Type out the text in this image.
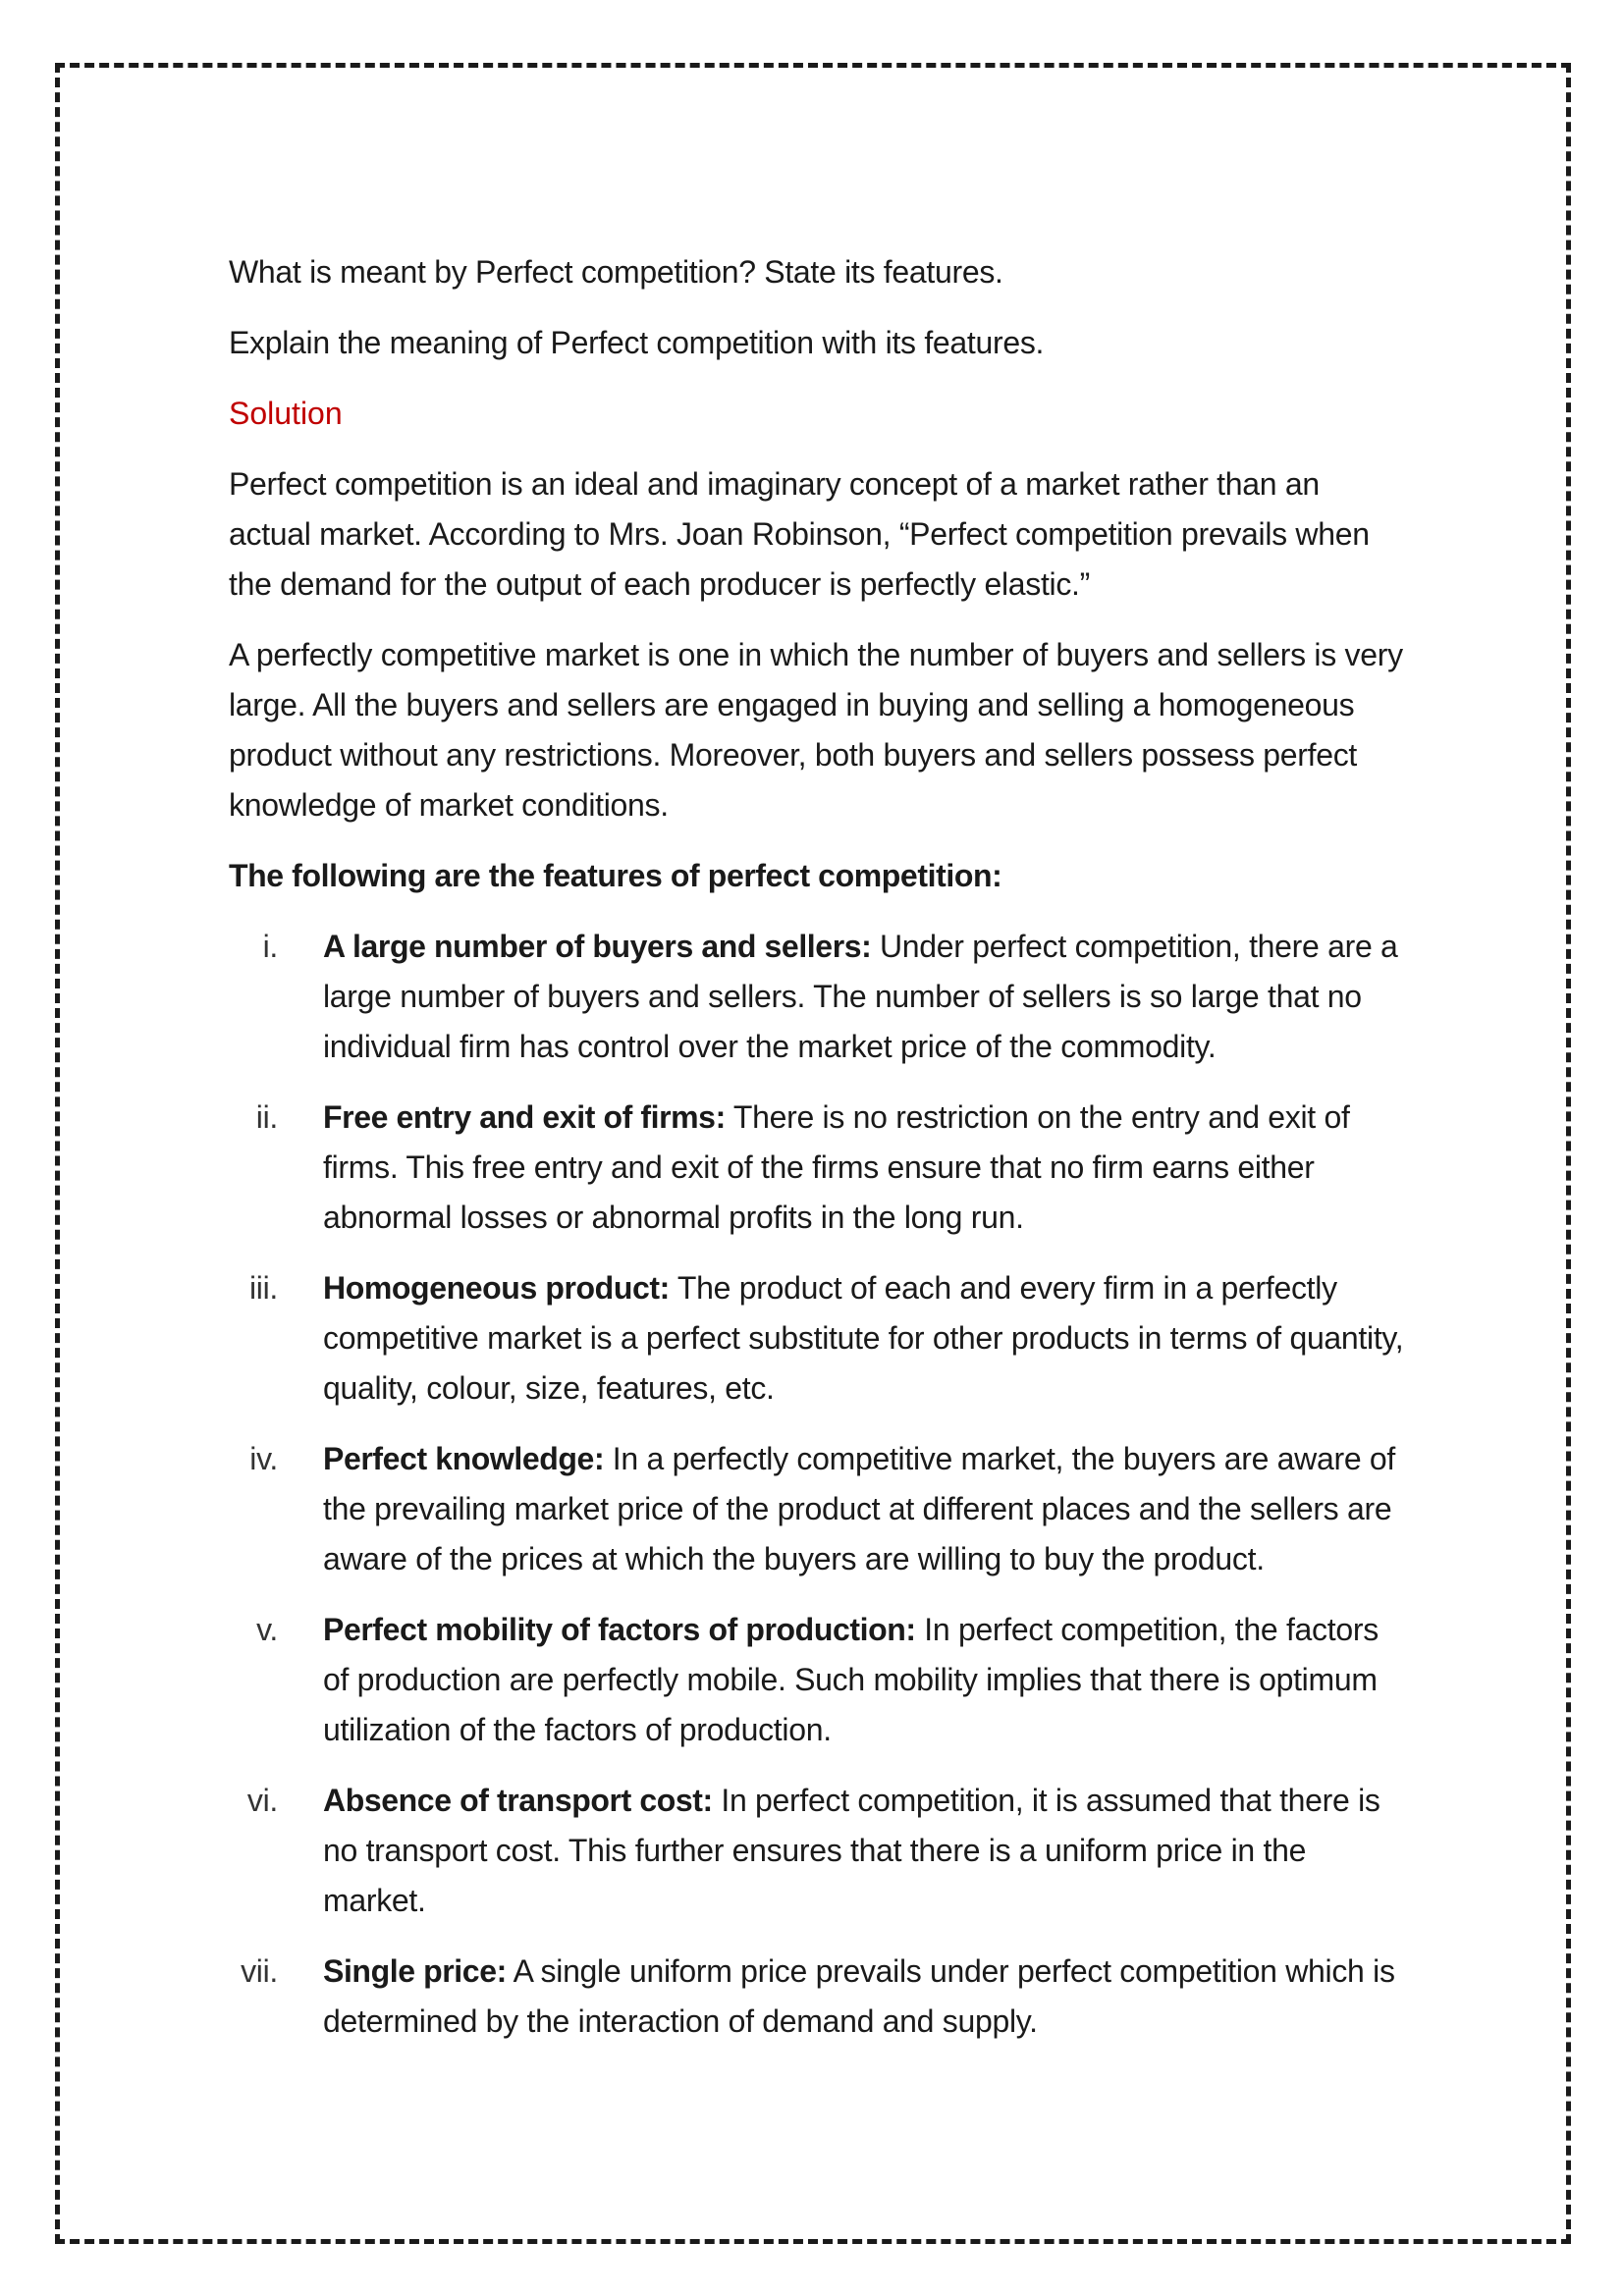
What is meant by Perfect competition? State its features.

Explain the meaning of Perfect competition with its features.

Solution

Perfect competition is an ideal and imaginary concept of a market rather than an actual market. According to Mrs. Joan Robinson, “Perfect competition prevails when the demand for the output of each producer is perfectly elastic.”

A perfectly competitive market is one in which the number of buyers and sellers is very large. All the buyers and sellers are engaged in buying and selling a homogeneous product without any restrictions. Moreover, both buyers and sellers possess perfect knowledge of market conditions.

The following are the features of perfect competition:

i. A large number of buyers and sellers: Under perfect competition, there are a large number of buyers and sellers. The number of sellers is so large that no individual firm has control over the market price of the commodity.
ii. Free entry and exit of firms: There is no restriction on the entry and exit of firms. This free entry and exit of the firms ensure that no firm earns either abnormal losses or abnormal profits in the long run.
iii. Homogeneous product: The product of each and every firm in a perfectly competitive market is a perfect substitute for other products in terms of quantity, quality, colour, size, features, etc.
iv. Perfect knowledge: In a perfectly competitive market, the buyers are aware of the prevailing market price of the product at different places and the sellers are aware of the prices at which the buyers are willing to buy the product.
v. Perfect mobility of factors of production: In perfect competition, the factors of production are perfectly mobile. Such mobility implies that there is optimum utilization of the factors of production.
vi. Absence of transport cost: In perfect competition, it is assumed that there is no transport cost. This further ensures that there is a uniform price in the market.
vii. Single price: A single uniform price prevails under perfect competition which is determined by the interaction of demand and supply.
